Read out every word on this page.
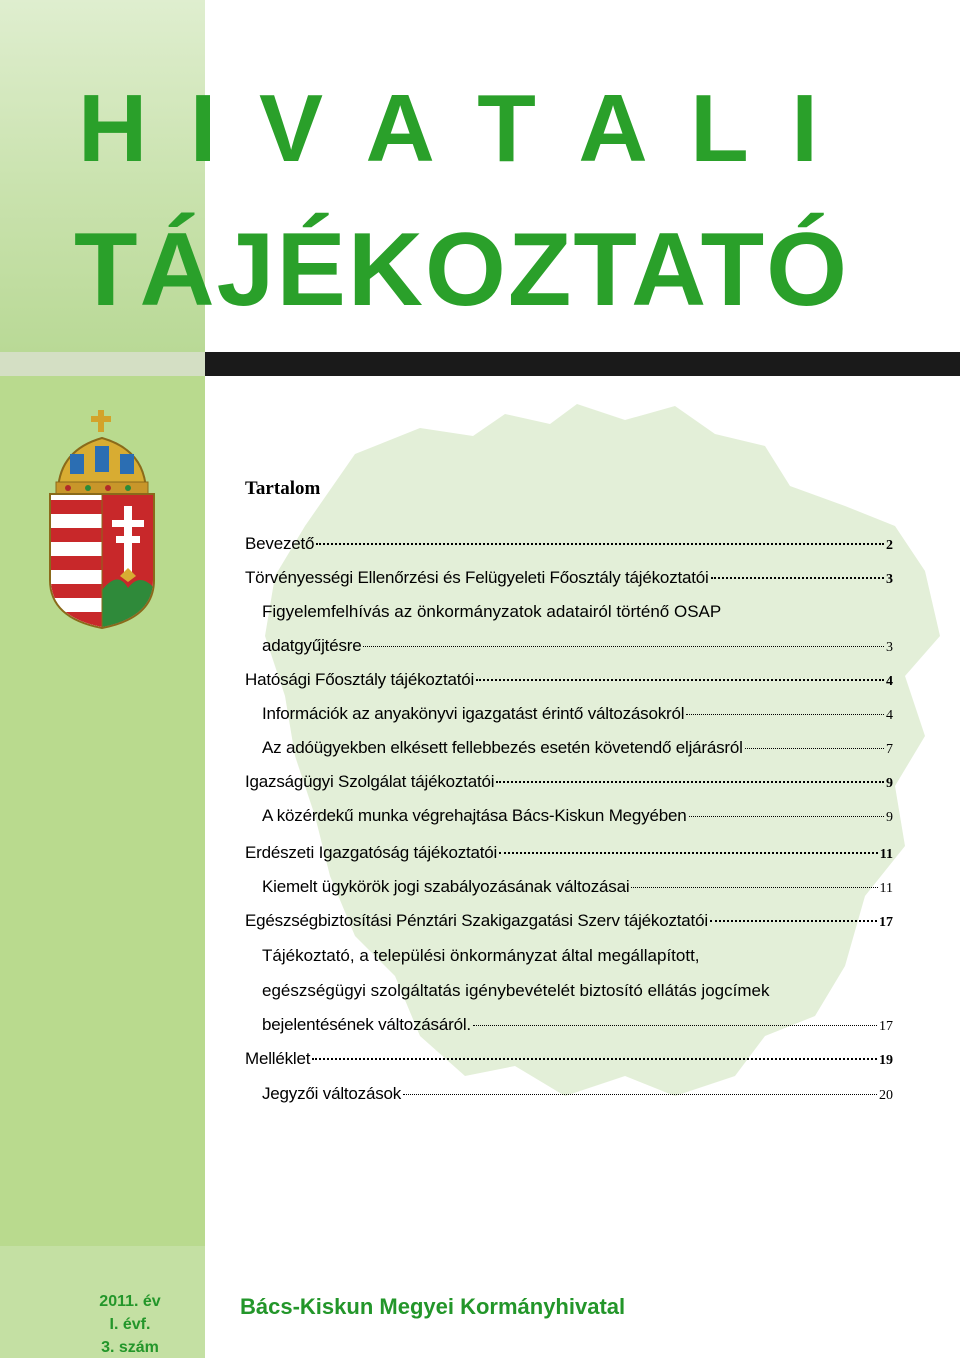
H I V A T A L I
TÁJÉKOZTATÓ
Tartalom
Bevezető	2
Törvényességi Ellenőrzési és Felügyeleti Főosztály tájékoztatói	3
Figyelemfelhívás az önkormányzatok adatairól történő OSAP
adatgyűjtésre	3
Hatósági Főosztály tájékoztatói	4
Információk az anyakönyvi igazgatást érintő változásokról	4
Az adóügyekben elkésett fellebbezés esetén követendő eljárásról	7
Igazságügyi Szolgálat tájékoztatói	9
A közérdekű munka végrehajtása Bács-Kiskun Megyében	9
Erdészeti Igazgatóság tájékoztatói	11
Kiemelt ügykörök jogi szabályozásának változásai	11
Egészségbiztosítási Pénztári Szakigazgatási Szerv tájékoztatói	17
Tájékoztató, a települési önkormányzat által megállapított,
egészségügyi szolgáltatás igénybevételét biztosító ellátás jogcímek
bejelentésének változásáról.	17
Melléklet	19
Jegyzői változások	20
2011. év
I. évf.
3. szám

Bács-Kiskun Megyei Kormányhivatal
